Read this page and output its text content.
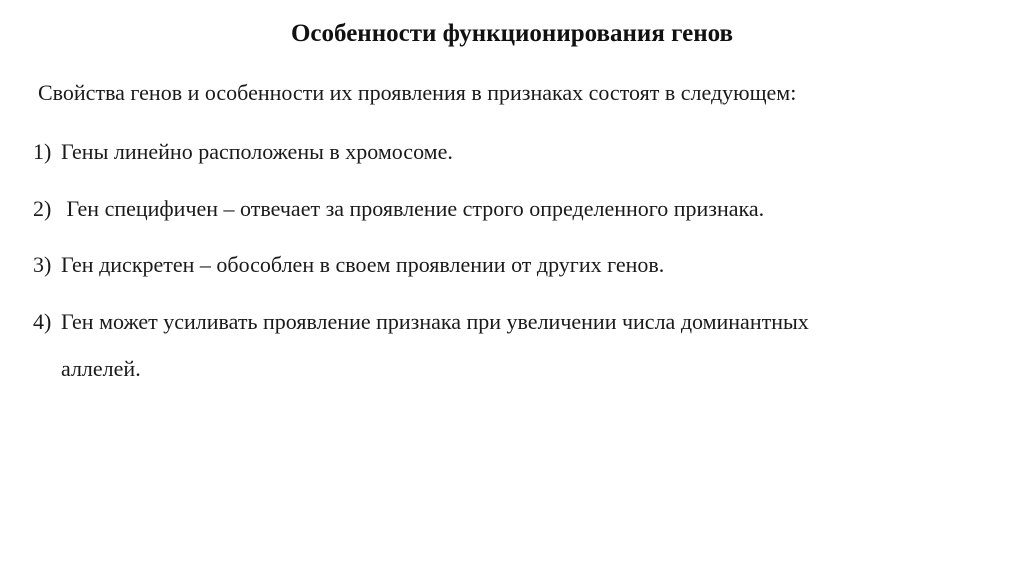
Особенности функционирования генов
Свойства генов и особенности их проявления в признаках состоят в следующем:
1) Гены линейно расположены в хромосоме.
2) Ген специфичен – отвечает за проявление строго определенного признака.
3) Ген дискретен – обособлен в своем проявлении от других генов.
4) Ген может усиливать проявление признака при увеличении числа доминантных
аллелей.
